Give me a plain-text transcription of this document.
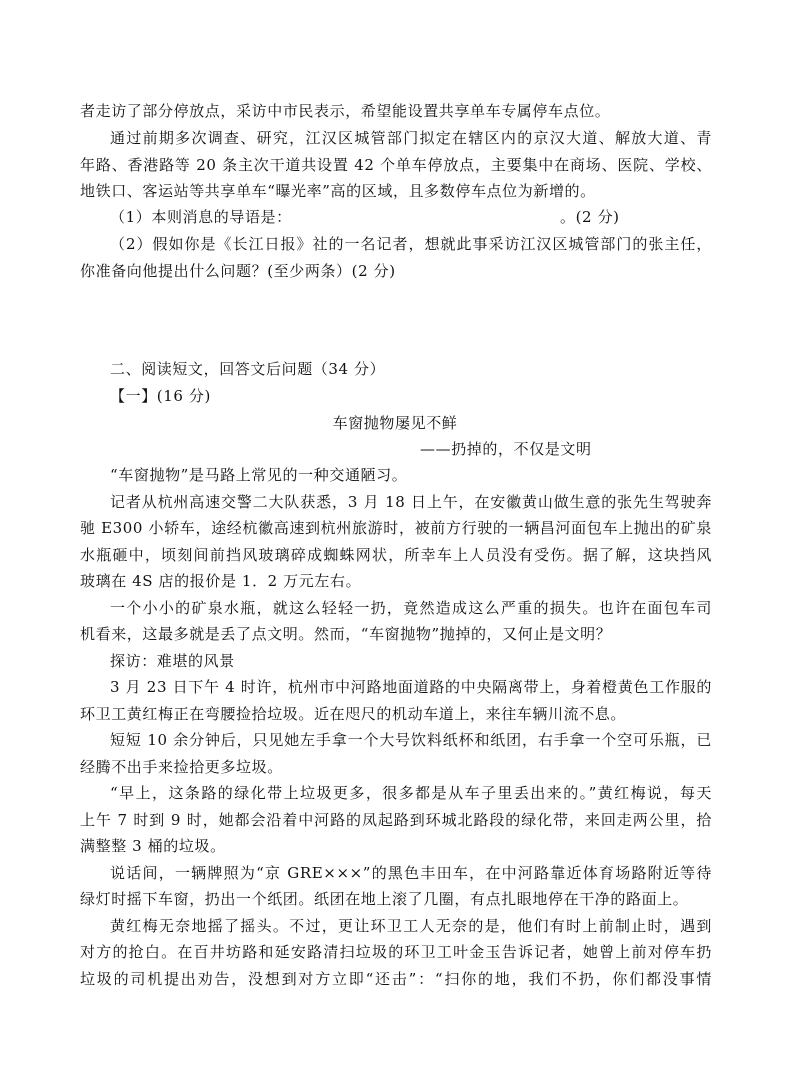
者走访了部分停放点，采访中市民表示，希望能设置共享单车专属停车点位。
通过前期多次调查、研究，江汉区城管部门拟定在辖区内的京汉大道、解放大道、青
年路、香港路等 20 条主次干道共设置 42 个单车停放点，主要集中在商场、医院、学校、
地铁口、客运站等共享单车“曝光率”高的区域，且多数停车点位为新增的。
（1）本则消息的导语是：	。(2 分)
（2）假如你是《长江日报》社的一名记者，想就此事采访江汉区城管部门的张主任，
你准备向他提出什么问题？(至少两条）(2 分)
二、阅读短文，回答文后问题（34 分）
【一】(16 分)
车窗抛物屡见不鲜
——扔掉的，不仅是文明
“车窗抛物”是马路上常见的一种交通陋习。
记者从杭州高速交警二大队获悉，3 月 18 日上午，在安徽黄山做生意的张先生驾驶奔
驰 E300 小轿车，途经杭徽高速到杭州旅游时，被前方行驶的一辆昌河面包车上抛出的矿泉
水瓶砸中，顷刻间前挡风玻璃碎成蜘蛛网状，所幸车上人员没有受伤。据了解，这块挡风
玻璃在 4S 店的报价是 1．2 万元左右。
一个小小的矿泉水瓶，就这么轻轻一扔，竟然造成这么严重的损失。也许在面包车司
机看来，这最多就是丢了点文明。然而，“车窗抛物”抛掉的，又何止是文明？
探访：难堪的风景
3 月 23 日下午 4 时许，杭州市中河路地面道路的中央隔离带上，身着橙黄色工作服的
环卫工黄红梅正在弯腰捡拾垃圾。近在咫尺的机动车道上，来往车辆川流不息。
短短 10 余分钟后，只见她左手拿一个大号饮料纸杯和纸团，右手拿一个空可乐瓶，已
经腾不出手来捡拾更多垃圾。
“早上，这条路的绿化带上垃圾更多，很多都是从车子里丢出来的。”黄红梅说，每天
上午 7 时到 9 时，她都会沿着中河路的凤起路到环城北路段的绿化带，来回走两公里，拾
满整整 3 桶的垃圾。
说话间，一辆牌照为“京 GRE×××”的黑色丰田车，在中河路靠近体育场路附近等待
绿灯时摇下车窗，扔出一个纸团。纸团在地上滚了几圈，有点扎眼地停在干净的路面上。
黄红梅无奈地摇了摇头。不过，更让环卫工人无奈的是，他们有时上前制止时，遇到
对方的抢白。在百井坊路和延安路清扫垃圾的环卫工叶金玉告诉记者，她曾上前对停车扔
垃圾的司机提出劝告，没想到对方立即“还击”：“扫你的地，我们不扔，你们都没事情
